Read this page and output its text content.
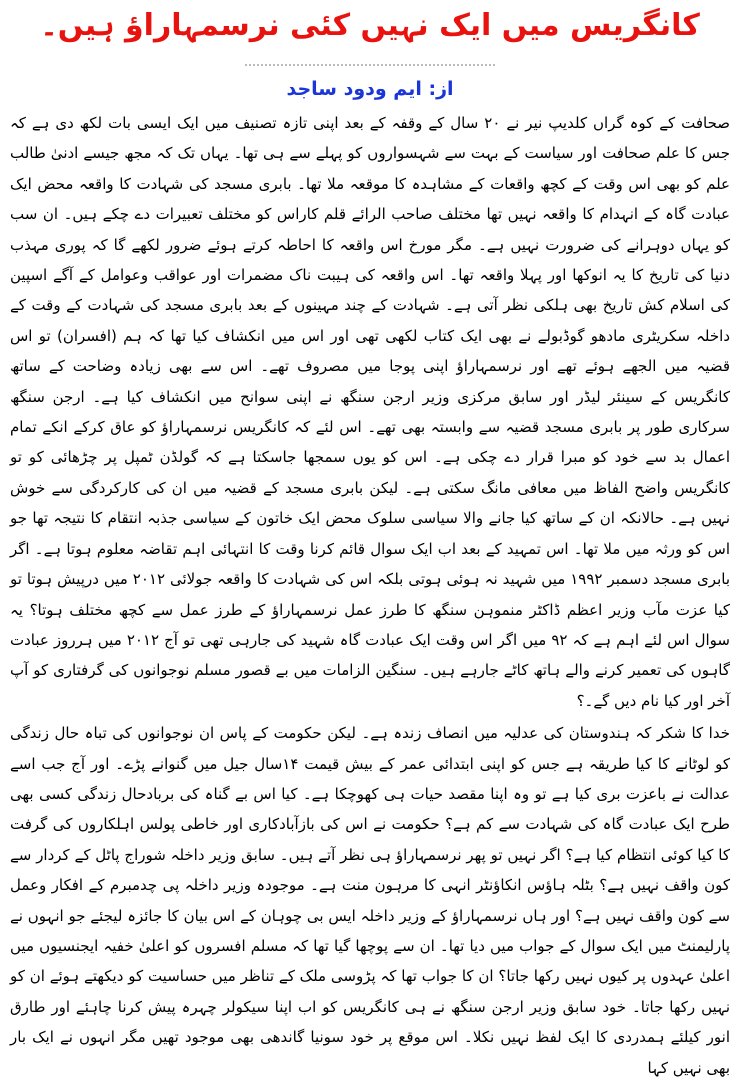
کانگریس میں ایک نہیں کئی نرسمہاراؤ ہیں۔
از: ایم ودود ساجد

صحافت کے کوہ گراں کلدیپ نیر نے ۲۰ سال کے وقفہ کے بعد اپنی تازہ تصنیف میں ایک ایسی بات لکھ دی ہے کہ جس کا علم صحافت اور سیاست کے بہت سے شہسواروں کو پہلے سے ہی تھا۔ یہاں تک کہ مجھ جیسے ادنیٰ طالب علم کو بھی اس وقت کے کچھ واقعات کے مشاہدہ کا موقعہ ملا تھا۔ بابری مسجد کی شہادت کا واقعہ محض ایک عبادت گاہ کے انہدام کا واقعہ نہیں تھا مختلف صاحب الرائے قلم کاراس کو مختلف تعبیرات دے چکے ہیں۔ ان سب کو یہاں دوہرانے کی ضرورت نہیں ہے۔ مگر مورخ اس واقعہ کا احاطہ کرتے ہوئے ضرور لکھے گا کہ پوری مہذب دنیا کی تاریخ کا یہ انوکھا اور پہلا واقعہ تھا۔ اس واقعہ کی ہیبت ناک مضمرات اور عواقب وعوامل کے آگے اسپین کی اسلام کش تاریخ بھی ہلکی نظر آتی ہے۔ شہادت کے چند مہینوں کے بعد بابری مسجد کی شہادت کے وقت کے داخلہ سکریٹری مادھو گوڈبولے نے بھی ایک کتاب لکھی تھی اور اس میں انکشاف کیا تھا کہ ہم (افسران) تو اس قضیہ میں الجھے ہوئے تھے اور نرسمہاراؤ اپنی پوجا میں مصروف تھے۔ اس سے بھی زیادہ وضاحت کے ساتھ کانگریس کے سینئر لیڈر اور سابق مرکزی وزیر ارجن سنگھ نے اپنی سوانح میں انکشاف کیا ہے۔ ارجن سنگھ سرکاری طور پر بابری مسجد قضیہ سے وابستہ بھی تھے۔ اس لئے کہ کانگریس نرسمہاراؤ کو عاق کرکے انکے تمام اعمال بد سے خود کو مبرا قرار دے چکی ہے۔ اس کو یوں سمجھا جاسکتا ہے کہ گولڈن ٹمپل پر چڑھائی کو تو کانگریس واضح الفاظ میں معافی مانگ سکتی ہے۔ لیکن بابری مسجد کے قضیہ میں ان کی کارکردگی سے خوش نہیں ہے۔ حالانکہ ان کے ساتھ کیا جانے والا سیاسی سلوک محض ایک خاتون کے سیاسی جذبہ انتقام کا نتیجہ تھا جو اس کو ورثہ میں ملا تھا۔ اس تمہید کے بعد اب ایک سوال قائم کرنا وقت کا انتہائی اہم تقاضہ معلوم ہوتا ہے۔ اگر بابری مسجد دسمبر ۱۹۹۲ میں شہید نہ ہوئی ہوتی بلکہ اس کی شہادت کا واقعہ جولائی ۲۰۱۲ میں درپیش ہوتا تو کیا عزت مآب وزیر اعظم ڈاکٹر منموہن سنگھ کا طرز عمل نرسمہاراؤ کے طرز عمل سے کچھ مختلف ہوتا؟ یہ سوال اس لئے اہم ہے کہ ۹۲ میں اگر اس وقت ایک عبادت گاہ شہید کی جارہی تھی تو آج ۲۰۱۲ میں ہرروز عبادت گاہوں کی تعمیر کرنے والے ہاتھ کاٹے جارہے ہیں۔ سنگین الزامات میں بے قصور مسلم نوجوانوں کی گرفتاری کو آپ آخر اور کیا نام دیں گے۔؟

خدا کا شکر کہ ہندوستان کی عدلیہ میں انصاف زندہ ہے۔ لیکن حکومت کے پاس ان نوجوانوں کی تباہ حال زندگی کو لوٹانے کا کیا طریقہ ہے جس کو اپنی ابتدائی عمر کے بیش قیمت ۱۴سال جیل میں گنوانے پڑے۔ اور آج جب اسے عدالت نے باعزت بری کیا ہے تو وہ اپنا مقصد حیات ہی کھوچکا ہے۔ کیا اس بے گناہ کی بربادحال زندگی کسی بھی طرح ایک عبادت گاہ کی شہادت سے کم ہے؟ حکومت نے اس کی بازآبادکاری اور خاطی پولس اہلکاروں کی گرفت کا کیا کوئی انتظام کیا ہے؟ اگر نہیں تو پھر نرسمہاراؤ ہی نظر آتے ہیں۔ سابق وزیر داخلہ شوراج پاٹل کے کردار سے کون واقف نہیں ہے؟ بٹلہ ہاؤس انکاؤنٹر انہی کا مرہون منت ہے۔ موجودہ وزیر داخلہ پی چدمبرم کے افکار وعمل سے کون واقف نہیں ہے؟ اور ہاں نرسمہاراؤ کے وزیر داخلہ ایس بی چوہان کے اس بیان کا جائزہ لیجئے جو انہوں نے پارلیمنٹ میں ایک سوال کے جواب میں دیا تھا۔ ان سے پوچھا گیا تھا کہ مسلم افسروں کو اعلیٰ خفیہ ایجنسیوں میں اعلیٰ عہدوں پر کیوں نہیں رکھا جاتا؟ ان کا جواب تھا کہ پڑوسی ملک کے تناظر میں حساسیت کو دیکھتے ہوئے ان کو نہیں رکھا جاتا۔ خود سابق وزیر ارجن سنگھ نے ہی کانگریس کو اب اپنا سیکولر چہرہ پیش کرنا چاہئے اور طارق انور کیلئے ہمدردی کا ایک لفظ نہیں نکلا۔ اس موقع پر خود سونیا گاندھی بھی موجود تھیں مگر انہوں نے ایک بار بھی نہیں کہا
